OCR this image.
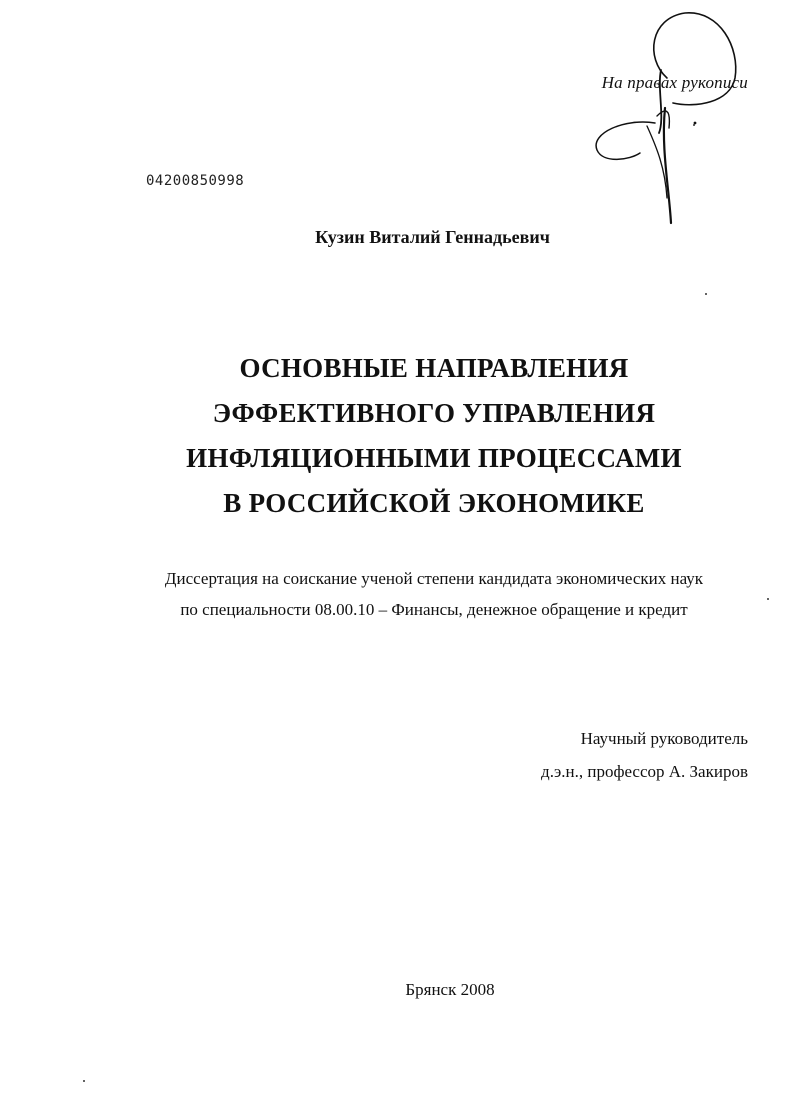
На правах рукописи
04200850998
Кузин Виталий Геннадьевич
ОСНОВНЫЕ НАПРАВЛЕНИЯ
ЭФФЕКТИВНОГО УПРАВЛЕНИЯ
ИНФЛЯЦИОННЫМИ ПРОЦЕССАМИ
В РОССИЙСКОЙ ЭКОНОМИКЕ
Диссертация на соискание ученой степени кандидата экономических наук
по специальности 08.00.10 – Финансы, денежное обращение и кредит
Научный руководитель
д.э.н., профессор А. Закиров
Брянск 2008
